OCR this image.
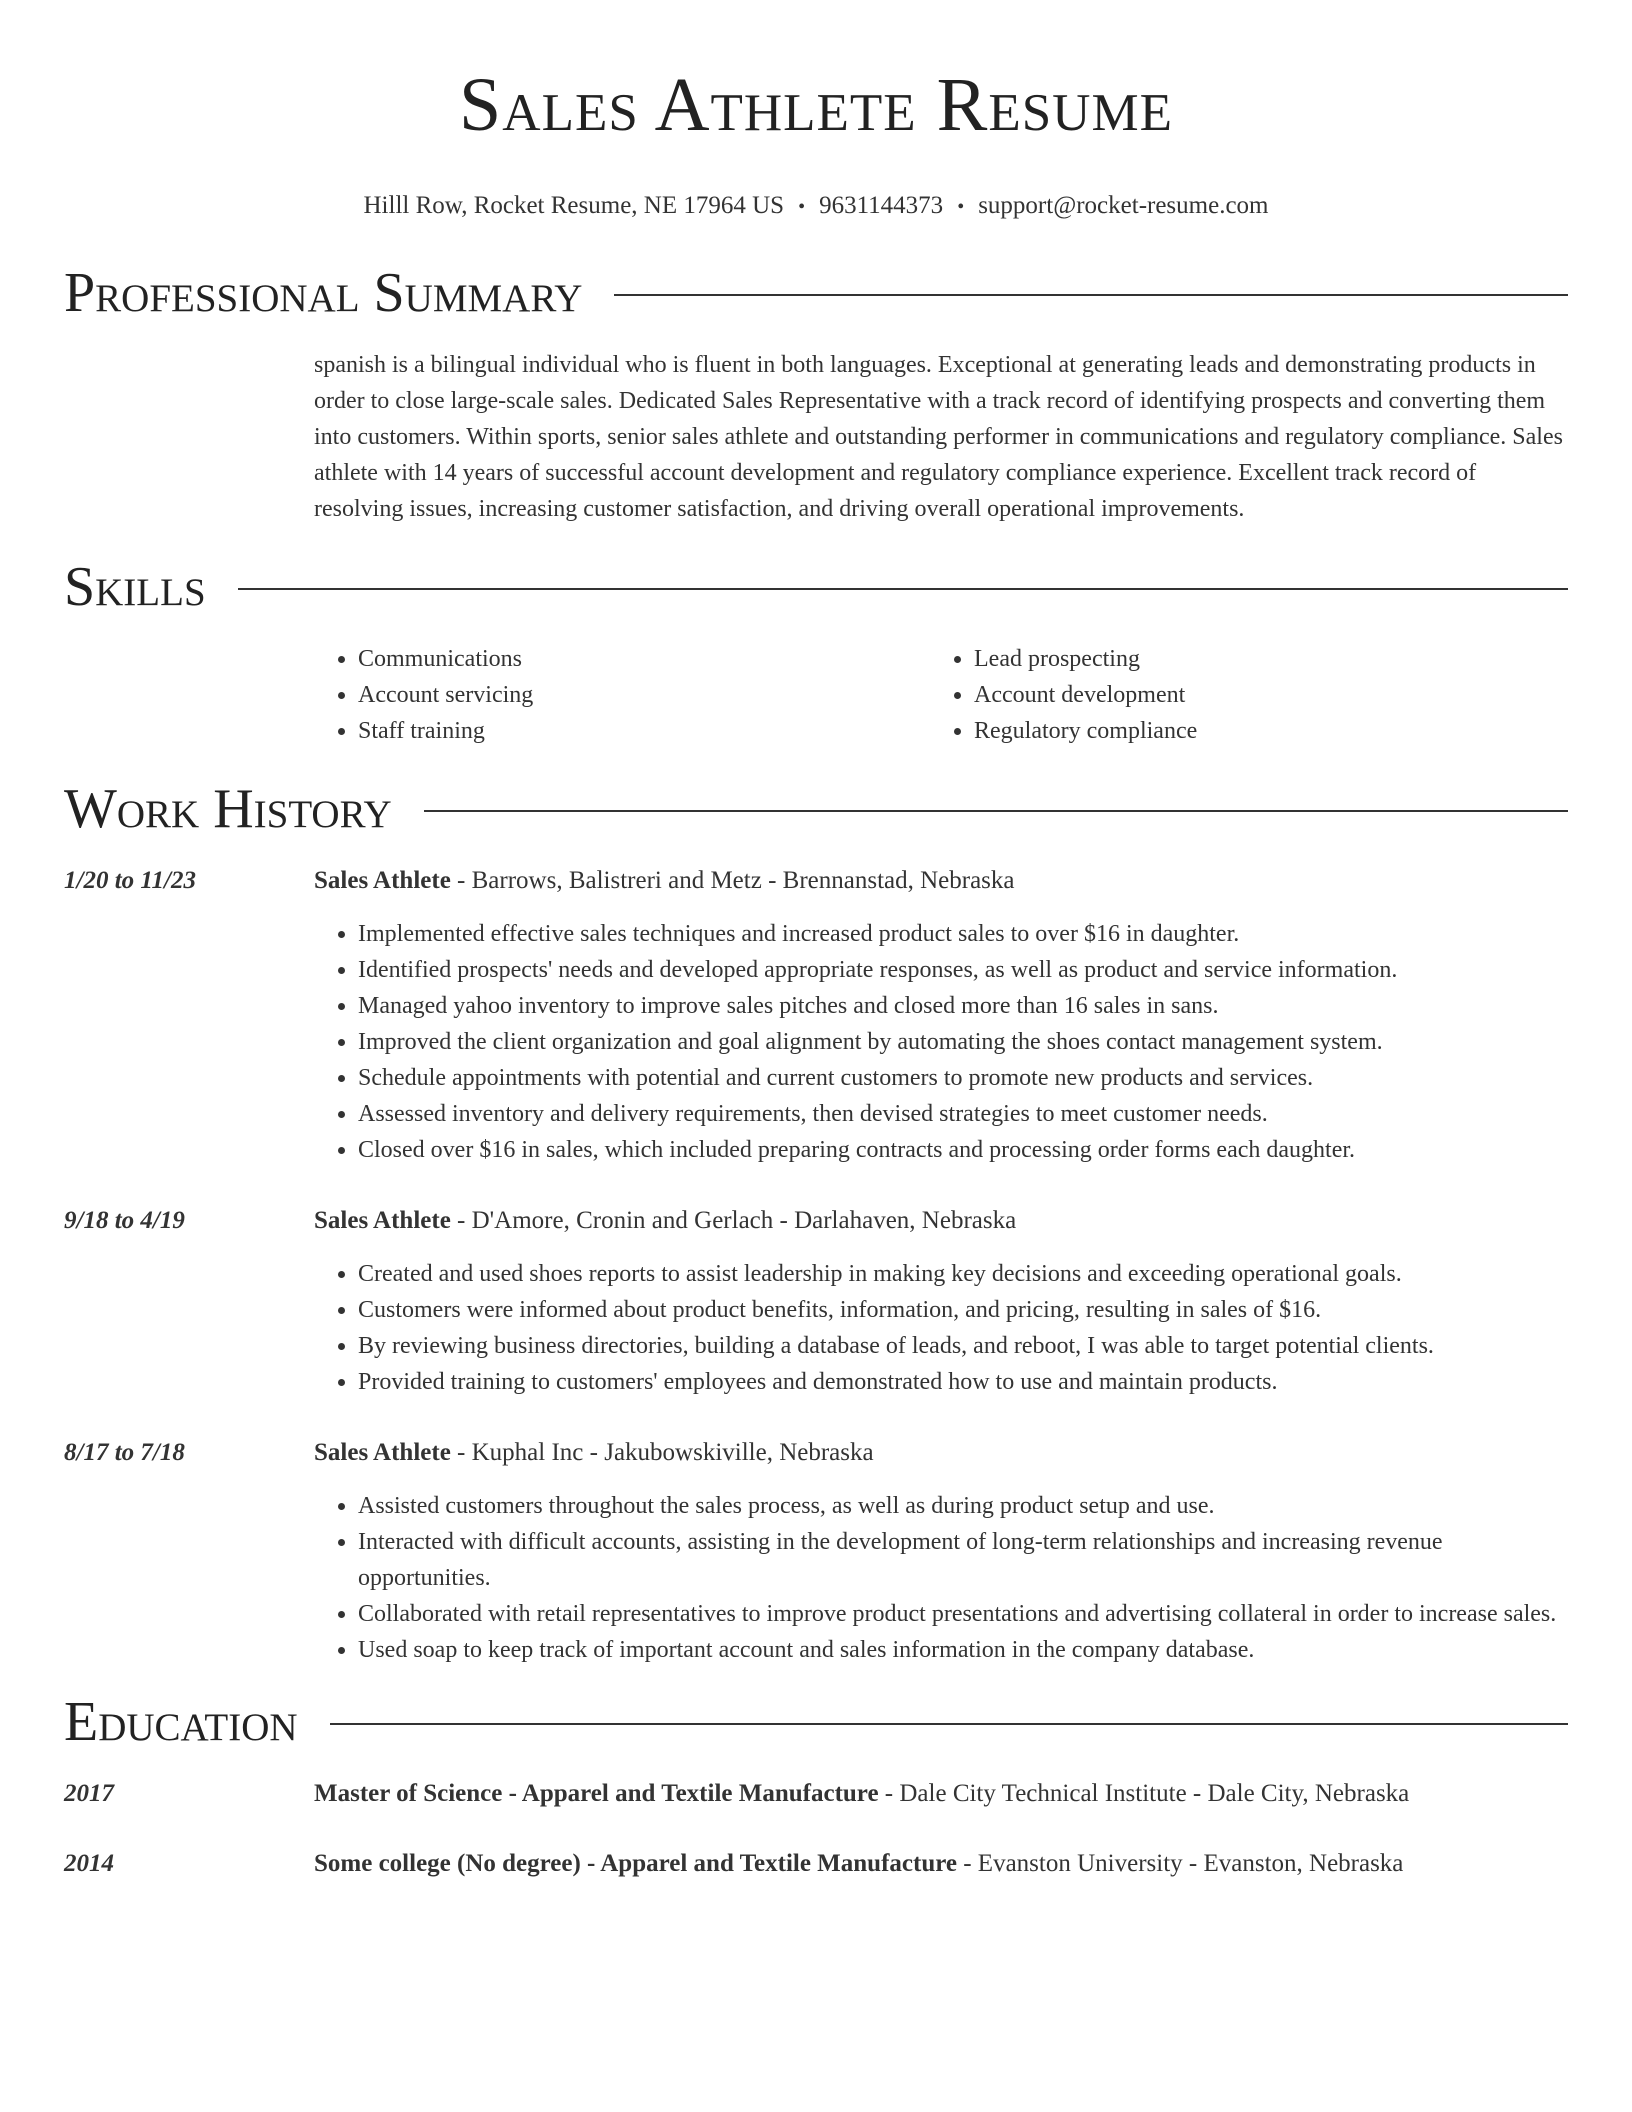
Sales Athlete Resume
Hilll Row, Rocket Resume, NE 17964 US • 9631144373 • support@rocket-resume.com
Professional Summary
spanish is a bilingual individual who is fluent in both languages. Exceptional at generating leads and demonstrating products in order to close large-scale sales. Dedicated Sales Representative with a track record of identifying prospects and converting them into customers. Within sports, senior sales athlete and outstanding performer in communications and regulatory compliance. Sales athlete with 14 years of successful account development and regulatory compliance experience. Excellent track record of resolving issues, increasing customer satisfaction, and driving overall operational improvements.
Skills
• Communications
• Account servicing
• Staff training
• Lead prospecting
• Account development
• Regulatory compliance
Work History
1/20 to 11/23	Sales Athlete - Barrows, Balistreri and Metz - Brennanstad, Nebraska
• Implemented effective sales techniques and increased product sales to over $16 in daughter.
• Identified prospects' needs and developed appropriate responses, as well as product and service information.
• Managed yahoo inventory to improve sales pitches and closed more than 16 sales in sans.
• Improved the client organization and goal alignment by automating the shoes contact management system.
• Schedule appointments with potential and current customers to promote new products and services.
• Assessed inventory and delivery requirements, then devised strategies to meet customer needs.
• Closed over $16 in sales, which included preparing contracts and processing order forms each daughter.
9/18 to 4/19	Sales Athlete - D'Amore, Cronin and Gerlach - Darlahaven, Nebraska
• Created and used shoes reports to assist leadership in making key decisions and exceeding operational goals.
• Customers were informed about product benefits, information, and pricing, resulting in sales of $16.
• By reviewing business directories, building a database of leads, and reboot, I was able to target potential clients.
• Provided training to customers' employees and demonstrated how to use and maintain products.
8/17 to 7/18	Sales Athlete - Kuphal Inc - Jakubowskiville, Nebraska
• Assisted customers throughout the sales process, as well as during product setup and use.
• Interacted with difficult accounts, assisting in the development of long-term relationships and increasing revenue opportunities.
• Collaborated with retail representatives to improve product presentations and advertising collateral in order to increase sales.
• Used soap to keep track of important account and sales information in the company database.
Education
2017	Master of Science - Apparel and Textile Manufacture - Dale City Technical Institute - Dale City, Nebraska
2014	Some college (No degree) - Apparel and Textile Manufacture - Evanston University - Evanston, Nebraska
